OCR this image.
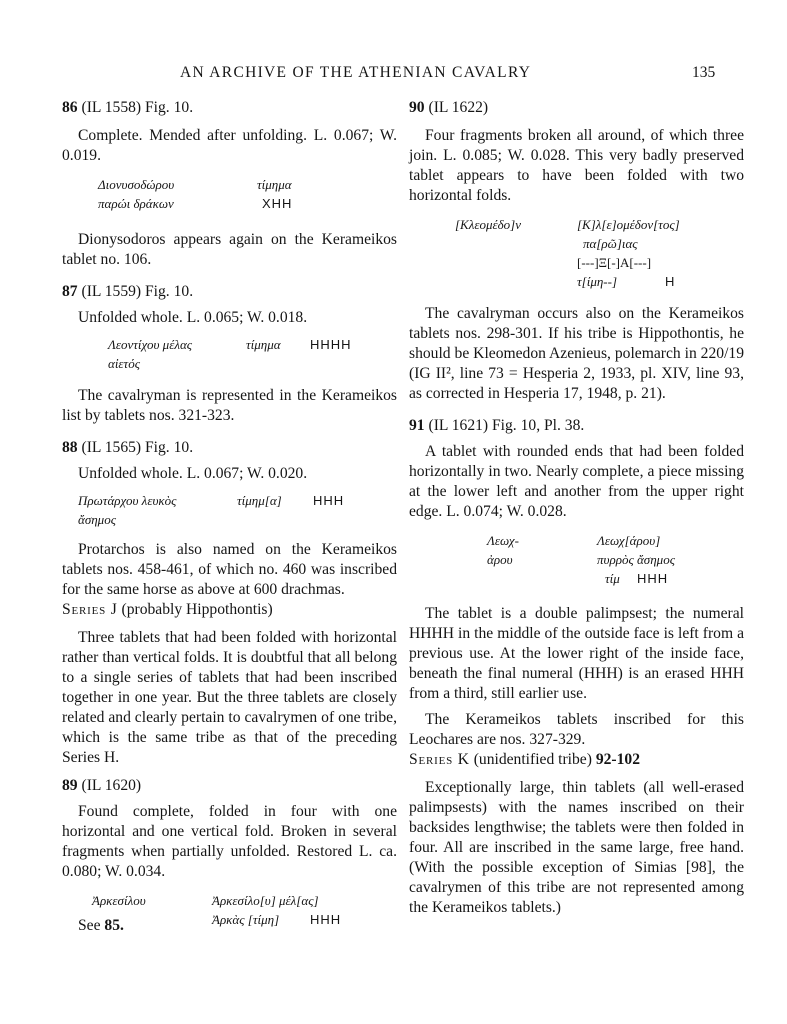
AN ARCHIVE OF THE ATHENIAN CAVALRY	135

86 (IL 1558) Fig. 10.

Complete. Mended after unfolding. L. 0.067; W. 0.019.

Διονυσοδώρου	τίμημα
παρώι δράκων	ΧΗΗ

Dionysodoros appears again on the Kerameikos tablet no. 106.

87 (IL 1559) Fig. 10.

Unfolded whole. L. 0.065; W. 0.018.

Λεοντίχου μέλας	τίμημα ΗΗΗΗ
αἰετός

The cavalryman is represented in the Kerameikos list by tablets nos. 321-323.

88 (IL 1565) Fig. 10.

Unfolded whole. L. 0.067; W. 0.020.

Πρωτάρχου λευκὸς	τίμημ[α] ΗΗΗ
ἄσημος

Protarchos is also named on the Kerameikos tablets nos. 458-461, of which no. 460 was inscribed for the same horse as above at 600 drachmas.

Series J (probably Hippothontis)

Three tablets that had been folded with horizontal rather than vertical folds. It is doubtful that all belong to a single series of tablets that had been inscribed together in one year. But the three tablets are closely related and clearly pertain to cavalrymen of one tribe, which is the same tribe as that of the preceding Series H.

89 (IL 1620)

Found complete, folded in four with one horizontal and one vertical fold. Broken in several fragments when partially unfolded. Restored L. ca. 0.080; W. 0.034.

Ἀρκεσίλου	Ἀρκεσίλο[υ] μέλ[ας]
Ἀρκὰς [τίμη] ΗΗΗ

See 85.

90 (IL 1622)

Four fragments broken all around, of which three join. L. 0.085; W. 0.028. This very badly preserved tablet appears to have been folded with two horizontal folds.

[Κλεομέδο]ν	[Κ]λ[ε]ομέδον[τος]
πα[ρῶ]ιας
[---]Ξ[-]Α[---]
τ[ίμη--]	Η

The cavalryman occurs also on the Kerameikos tablets nos. 298-301. If his tribe is Hippothontis, he should be Kleomedon Azenieus, polemarch in 220/19 (IG II², line 73 = Hesperia 2, 1933, pl. XIV, line 93, as corrected in Hesperia 17, 1948, p. 21).

91 (IL 1621) Fig. 10, Pl. 38.

A tablet with rounded ends that had been folded horizontally in two. Nearly complete, a piece missing at the lower left and another from the upper right edge. L. 0.074; W. 0.028.

Λεωχ-	Λεωχ[άρου]
ἀρου	πυρρὸς ἄσημος
τίμ ΗΗΗ

The tablet is a double palimpsest; the numeral HHHH in the middle of the outside face is left from a previous use. At the lower right of the inside face, beneath the final numeral (HHH) is an erased HHH from a third, still earlier use.

The Kerameikos tablets inscribed for this Leochares are nos. 327-329.

Series K (unidentified tribe) 92-102

Exceptionally large, thin tablets (all well-erased palimpsests) with the names inscribed on their backsides lengthwise; the tablets were then folded in four. All are inscribed in the same large, free hand. (With the possible exception of Simias [98], the cavalrymen of this tribe are not represented among the Kerameikos tablets.)
